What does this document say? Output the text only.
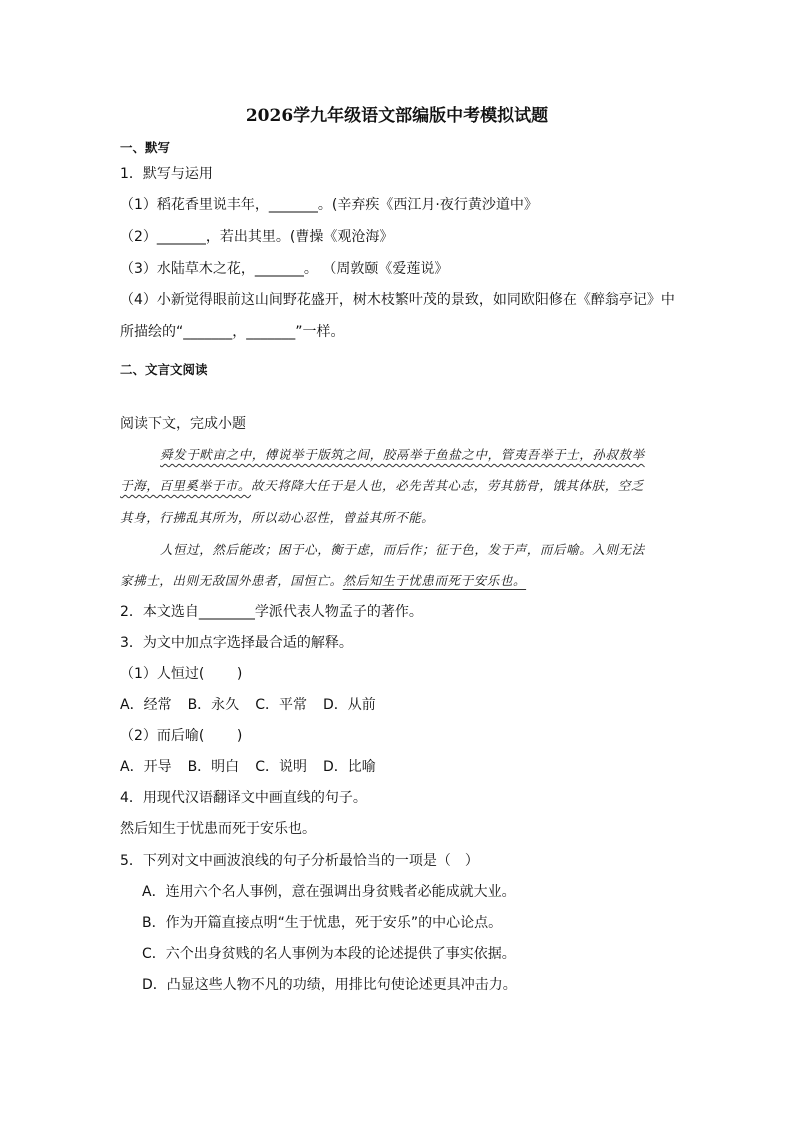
2026学九年级语文部编版中考模拟试题
一、默写
1．默写与运用
（1）稻花香里说丰年，_______。(辛弃疾《西江月·夜行黄沙道中》
（2）_______，若出其里。(曹操《观沧海》
（3）水陆草木之花，_______。 （周敦颐《爱莲说》
（4）小新觉得眼前这山间野花盛开，树木枝繁叶茂的景致，如同欧阳修在《醉翁亭记》中
所描绘的“_______，_______”一样。
二、文言文阅读
阅读下文，完成小题
舜发于畎亩之中，傅说举于版筑之间，胶鬲举于鱼盐之中，管夷吾举于士，孙叔敖举
于海，百里奚举于市。故天将降大任于是人也，必先苦其心志，劳其筋骨，饿其体肤，空乏
其身，行拂乱其所为，所以动心忍性，曾益其所不能。
人恒过，然后能改；困于心，衡于虑，而后作；征于色，发于声，而后喻。入则无法
家拂士，出则无敌国外患者，国恒亡。然后知生于忧患而死于安乐也。
2．本文选自________学派代表人物孟子的著作。
3．为文中加点字选择最合适的解释。
（1）人恒过(　　 )
A．经常 B．永久 C．平常 D．从前
（2）而后喻(　　 )
A．开导 B．明白 C．说明 D．比喻
4．用现代汉语翻译文中画直线的句子。
然后知生于忧患而死于安乐也。
5．下列对文中画波浪线的句子分析最恰当的一项是（　）
A．连用六个名人事例，意在强调出身贫贱者必能成就大业。
B．作为开篇直接点明“生于忧患，死于安乐”的中心论点。
C．六个出身贫贱的名人事例为本段的论述提供了事实依据。
D．凸显这些人物不凡的功绩，用排比句使论述更具冲击力。
